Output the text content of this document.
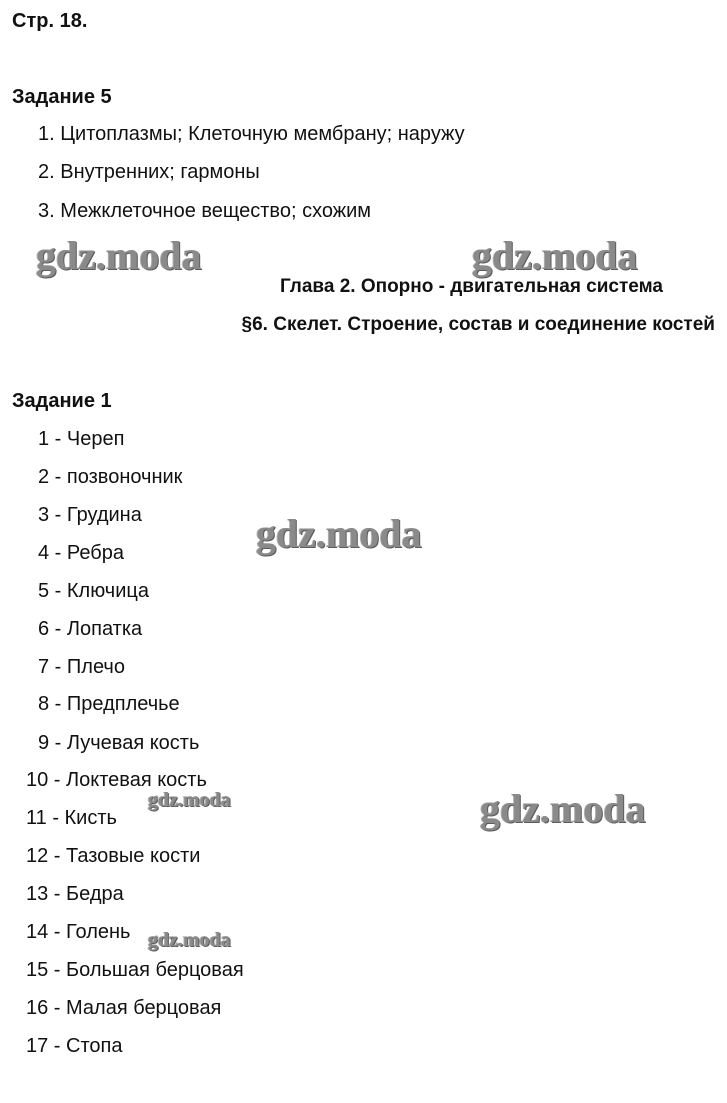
Стр. 18.
Задание 5
1. Цитоплазмы; Клеточную мембрану; наружу
2. Внутренних; гармоны
3. Межклеточное вещество; схожим
gdz.moda	gdz.moda
Глава 2. Опорно - двигательная система
§6. Скелет. Строение, состав и соединение костей
Задание 1
1 - Череп
2 - позвоночник
3 - Грудина
4 - Ребра
5 - Ключица
6 - Лопатка
7 - Плечо
8 - Предплечье
9 - Лучевая кость
10 - Локтевая кость
11 - Кисть
12 - Тазовые кости
13 - Бедра
14 - Голень
15 - Большая берцовая
16 - Малая берцовая
17 - Стопа
gdz.moda
gdz.moda
gdz.moda
gdz.moda
